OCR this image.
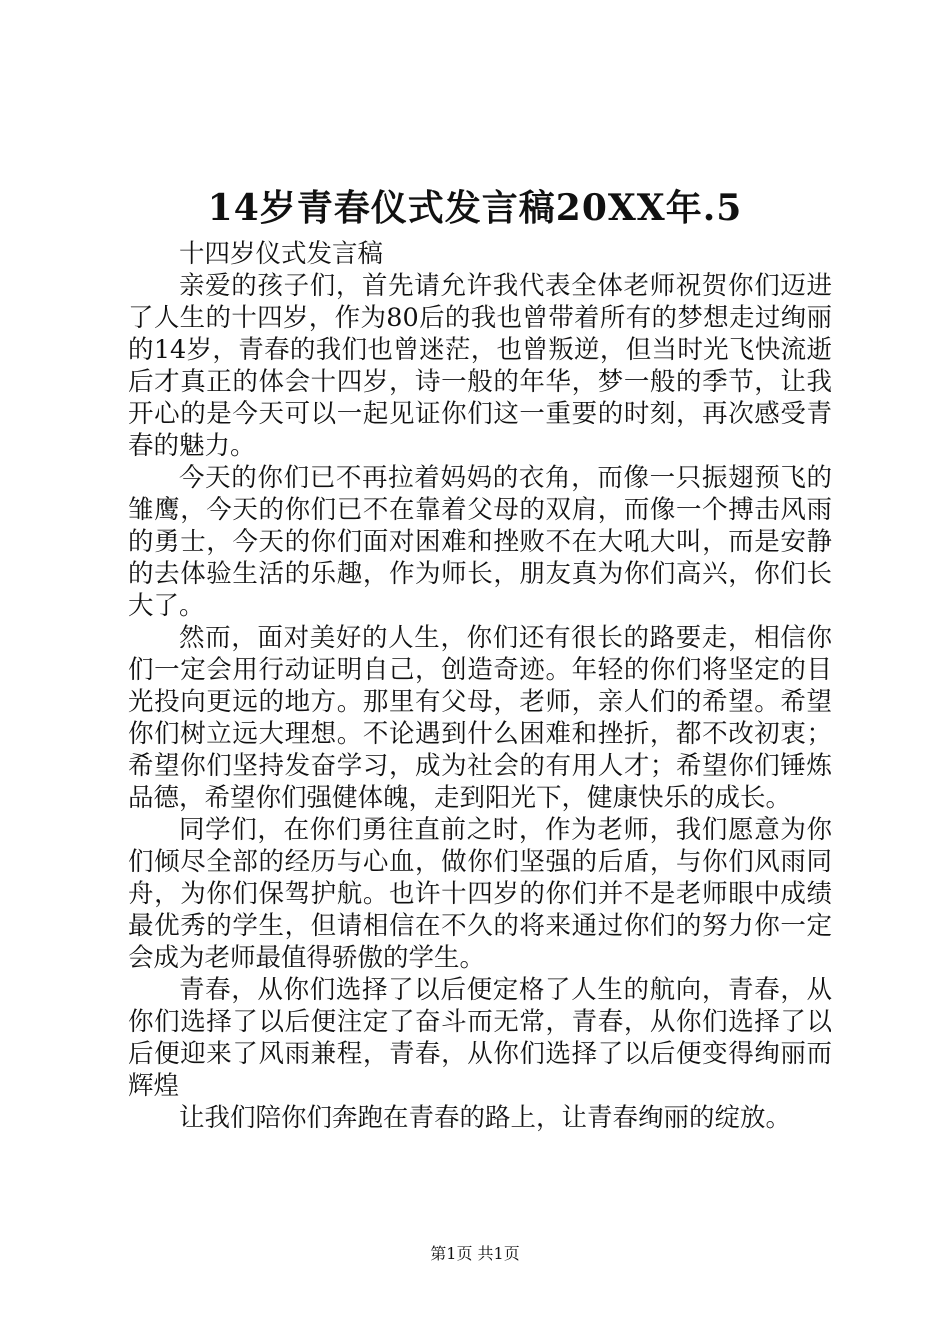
14岁青春仪式发言稿20XX年.5

十四岁仪式发言稿

亲爱的孩子们，首先请允许我代表全体老师祝贺你们迈进了人生的十四岁，作为80后的我也曾带着所有的梦想走过绚丽的14岁，青春的我们也曾迷茫，也曾叛逆，但当时光飞快流逝后才真正的体会十四岁，诗一般的年华，梦一般的季节，让我开心的是今天可以一起见证你们这一重要的时刻，再次感受青春的魅力。

今天的你们已不再拉着妈妈的衣角，而像一只振翅预飞的雏鹰，今天的你们已不在靠着父母的双肩，而像一个搏击风雨的勇士，今天的你们面对困难和挫败不在大吼大叫，而是安静的去体验生活的乐趣，作为师长，朋友真为你们高兴，你们长大了。

然而，面对美好的人生，你们还有很长的路要走，相信你们一定会用行动证明自己，创造奇迹。年轻的你们将坚定的目光投向更远的地方。那里有父母，老师，亲人们的希望。希望你们树立远大理想。不论遇到什么困难和挫折，都不改初衷；希望你们坚持发奋学习，成为社会的有用人才；希望你们锤炼品德，希望你们强健体魄，走到阳光下，健康快乐的成长。

同学们，在你们勇往直前之时，作为老师，我们愿意为你们倾尽全部的经历与心血，做你们坚强的后盾，与你们风雨同舟，为你们保驾护航。也许十四岁的你们并不是老师眼中成绩最优秀的学生，但请相信在不久的将来通过你们的努力你一定会成为老师最值得骄傲的学生。

青春，从你们选择了以后便定格了人生的航向，青春，从你们选择了以后便注定了奋斗而无常，青春，从你们选择了以后便迎来了风雨兼程，青春，从你们选择了以后便变得绚丽而辉煌

让我们陪你们奔跑在青春的路上，让青春绚丽的绽放。

第1页 共1页
